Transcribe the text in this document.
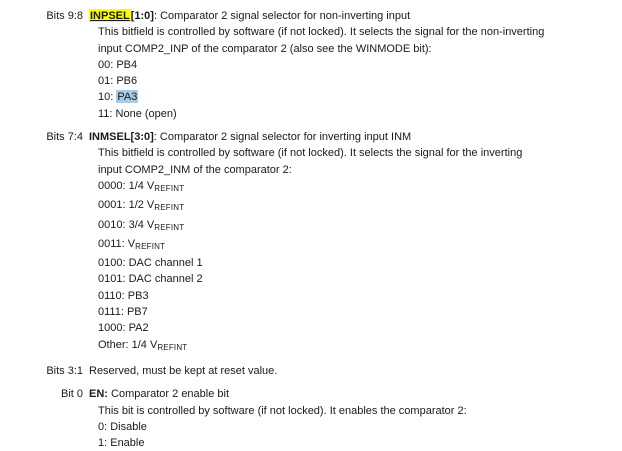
Bits 9:8 INPSEL[1:0]: Comparator 2 signal selector for non-inverting input
This bitfield is controlled by software (if not locked). It selects the signal for the non-inverting
input COMP2_INP of the comparator 2 (also see the WINMODE bit):
00: PB4
01: PB6
10: PA3
11: None (open)
Bits 7:4 INMSEL[3:0]: Comparator 2 signal selector for inverting input INM
This bitfield is controlled by software (if not locked). It selects the signal for the inverting
input COMP2_INM of the comparator 2:
0000: 1/4 $V_{REFINT}$
0001: 1/2 $V_{REFINT}$
0010: 3/4 $V_{REFINT}$
0011: $V_{REFINT}$
0100: DAC channel 1
0101: DAC channel 2
0110: PB3
0111: PB7
1000: PA2
Other: 1/4 $V_{REFINT}$
Bits 3:1 Reserved, must be kept at reset value.
Bit 0 EN: Comparator 2 enable bit
This bit is controlled by software (if not locked). It enables the comparator 2:
0: Disable
1: Enable
